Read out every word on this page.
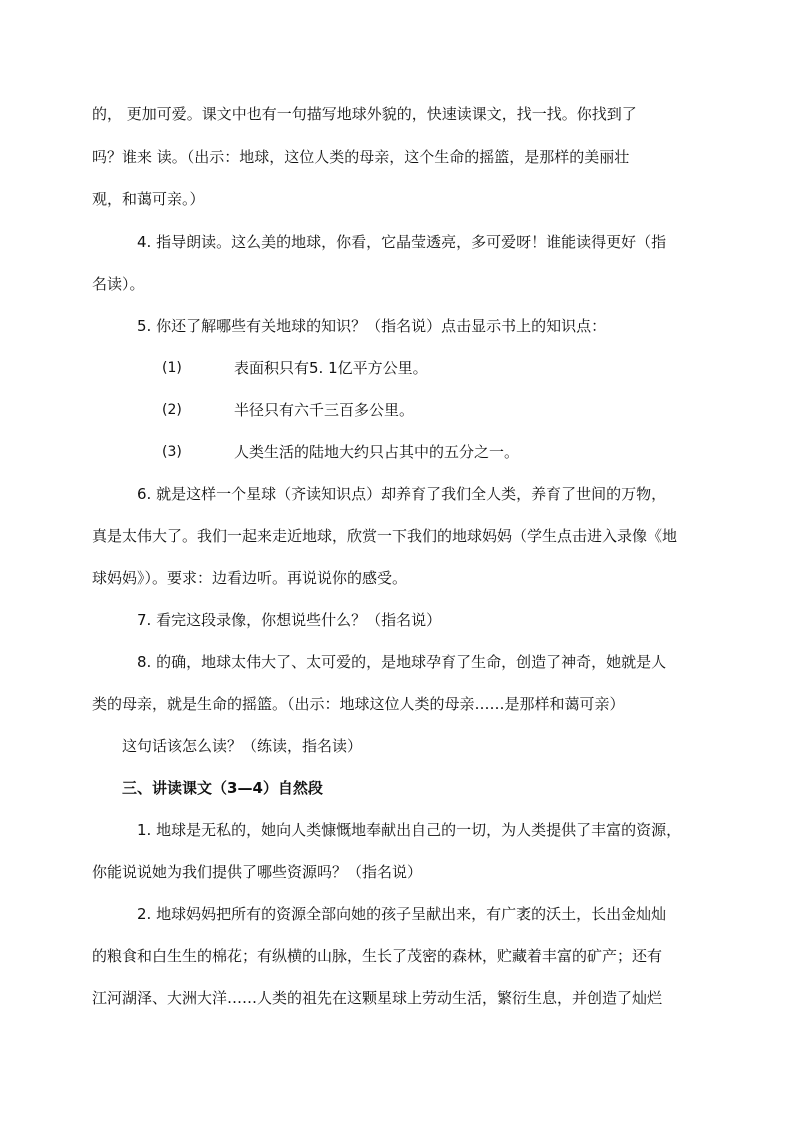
的， 更加可爱。课文中也有一句描写地球外貌的，快速读课文，找一找。你找到了
吗？谁来 读。（出示：地球，这位人类的母亲，这个生命的摇篮，是那样的美丽壮
观，和蔼可亲。）
4. 指导朗读。这么美的地球，你看，它晶莹透亮，多可爱呀！谁能读得更好（指
名读）。
5. 你还了解哪些有关地球的知识？（指名说）点击显示书上的知识点：
(1)	表面积只有5. 1亿平方公里。
(2)	半径只有六千三百多公里。
(3)	人类生活的陆地大约只占其中的五分之一。
6. 就是这样一个星球（齐读知识点）却养育了我们全人类，养育了世间的万物，
真是太伟大了。我们一起来走近地球，欣赏一下我们的地球妈妈（学生点击进入录像《地
球妈妈》）。要求：边看边听。再说说你的感受。
7. 看完这段录像，你想说些什么？（指名说）
8. 的确，地球太伟大了、太可爱的，是地球孕育了生命，创造了神奇，她就是人
类的母亲，就是生命的摇篮。（出示：地球这位人类的母亲……是那样和蔼可亲）
这句话该怎么读？（练读，指名读）
三、讲读课文（3—4）自然段
1. 地球是无私的，她向人类慷慨地奉献出自己的一切，为人类提供了丰富的资源，
你能说说她为我们提供了哪些资源吗？（指名说）
2. 地球妈妈把所有的资源全部向她的孩子呈献出来，有广袤的沃土，长出金灿灿
的粮食和白生生的棉花；有纵横的山脉，生长了茂密的森林，贮藏着丰富的矿产；还有
江河湖泽、大洲大洋……人类的祖先在这颗星球上劳动生活，繁衍生息，并创造了灿烂
